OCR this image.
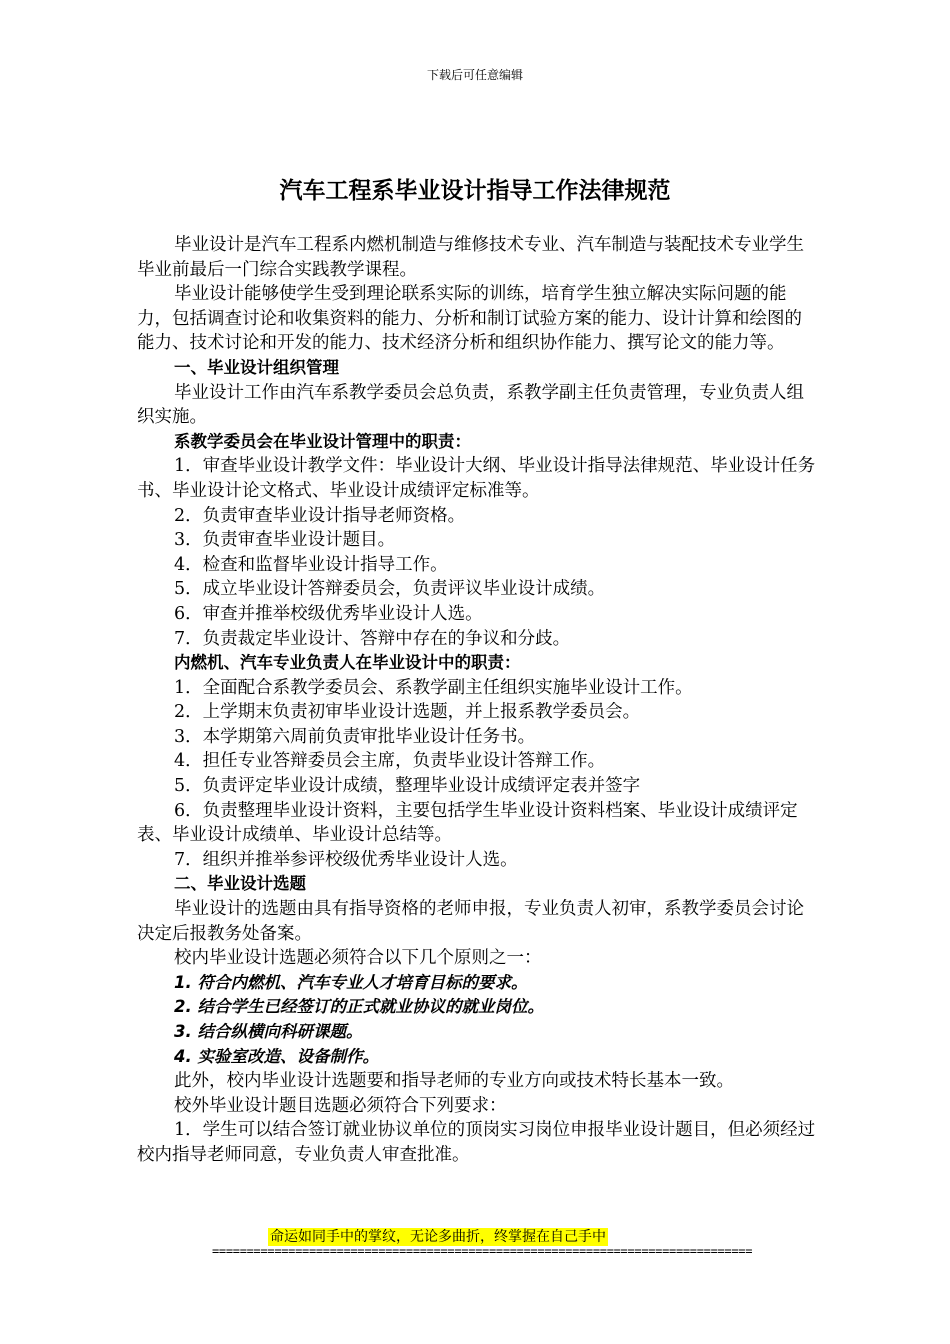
下载后可任意编辑
汽车工程系毕业设计指导工作法律规范

毕业设计是汽车工程系内燃机制造与维修技术专业、汽车制造与装配技术专业学生毕业前最后一门综合实践教学课程。

毕业设计能够使学生受到理论联系实际的训练，培育学生独立解决实际问题的能力，包括调查讨论和收集资料的能力、分析和制订试验方案的能力、设计计算和绘图的能力、技术讨论和开发的能力、技术经济分析和组织协作能力、撰写论文的能力等。

一、毕业设计组织管理

毕业设计工作由汽车系教学委员会总负责，系教学副主任负责管理，专业负责人组织实施。

系教学委员会在毕业设计管理中的职责：

1．审查毕业设计教学文件：毕业设计大纲、毕业设计指导法律规范、毕业设计任务书、毕业设计论文格式、毕业设计成绩评定标准等。

2．负责审查毕业设计指导老师资格。

3．负责审查毕业设计题目。

4．检查和监督毕业设计指导工作。

5．成立毕业设计答辩委员会，负责评议毕业设计成绩。

6．审查并推举校级优秀毕业设计人选。

7．负责裁定毕业设计、答辩中存在的争议和分歧。

内燃机、汽车专业负责人在毕业设计中的职责：

1．全面配合系教学委员会、系教学副主任组织实施毕业设计工作。

2．上学期末负责初审毕业设计选题，并上报系教学委员会。

3．本学期第六周前负责审批毕业设计任务书。

4．担任专业答辩委员会主席，负责毕业设计答辩工作。

5．负责评定毕业设计成绩，整理毕业设计成绩评定表并签字

6．负责整理毕业设计资料，主要包括学生毕业设计资料档案、毕业设计成绩评定表、毕业设计成绩单、毕业设计总结等。

7．组织并推举参评校级优秀毕业设计人选。

二、毕业设计选题

毕业设计的选题由具有指导资格的老师申报，专业负责人初审，系教学委员会讨论决定后报教务处备案。

校内毕业设计选题必须符合以下几个原则之一：

1. 符合内燃机、汽车专业人才培育目标的要求。

2. 结合学生已经签订的正式就业协议的就业岗位。

3. 结合纵横向科研课题。

4. 实验室改造、设备制作。

此外，校内毕业设计选题要和指导老师的专业方向或技术特长基本一致。

校外毕业设计题目选题必须符合下列要求：

1．学生可以结合签订就业协议单位的顶岗实习岗位申报毕业设计题目，但必须经过校内指导老师同意，专业负责人审查批准。

命运如同手中的掌纹，无论多曲折，终掌握在自己手中
==============================================================================
